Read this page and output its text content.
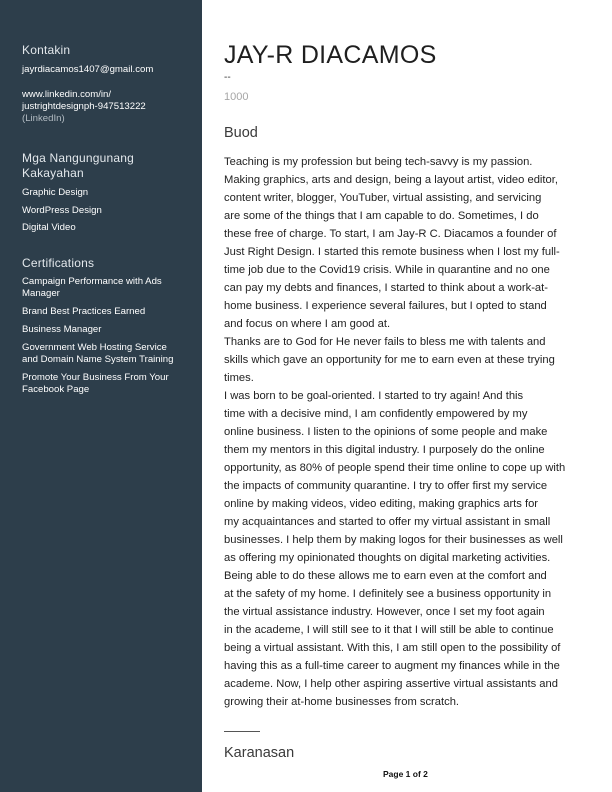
Kontakin
jayrdiacamos1407@gmail.com
www.linkedin.com/in/
justrightdesignph-947513222
(LinkedIn)
Mga Nangungunang
Kakayahan
Graphic Design
WordPress Design
Digital Video
Certifications
Campaign Performance with Ads
Manager
Brand Best Practices Earned
Business Manager
Government Web Hosting Service
and Domain Name System Training
Promote Your Business From Your
Facebook Page
JAY-R DIACAMOS
--
1000
Buod
Teaching is my profession but being tech-savvy is my passion.
Making graphics, arts and design, being a layout artist, video editor,
content writer, blogger, YouTuber, virtual assisting, and servicing
are some of the things that I am capable to do. Sometimes, I do
these free of charge. To start, I am Jay-R C. Diacamos a founder of
Just Right Design. I started this remote business when I lost my full-
time job due to the Covid19 crisis. While in quarantine and no one
can pay my debts and finances, I started to think about a work-at-
home business. I experience several failures, but I opted to stand
and focus on where I am good at.
Thanks are to God for He never fails to bless me with talents and
skills which gave an opportunity for me to earn even at these trying
times.
I was born to be goal-oriented. I started to try again! And this
time with a decisive mind, I am confidently empowered by my
online business. I listen to the opinions of some people and make
them my mentors in this digital industry. I purposely do the online
opportunity, as 80% of people spend their time online to cope up with
the impacts of community quarantine. I try to offer first my service
online by making videos, video editing, making graphics arts for
my acquaintances and started to offer my virtual assistant in small
businesses. I help them by making logos for their businesses as well
as offering my opinionated thoughts on digital marketing activities.
Being able to do these allows me to earn even at the comfort and
at the safety of my home. I definitely see a business opportunity in
the virtual assistance industry. However, once I set my foot again
in the academe, I will still see to it that I will still be able to continue
being a virtual assistant. With this, I am still open to the possibility of
having this as a full-time career to augment my finances while in the
academe. Now, I help other aspiring assertive virtual assistants and
growing their at-home businesses from scratch.
Karanasan
Page 1 of 2
